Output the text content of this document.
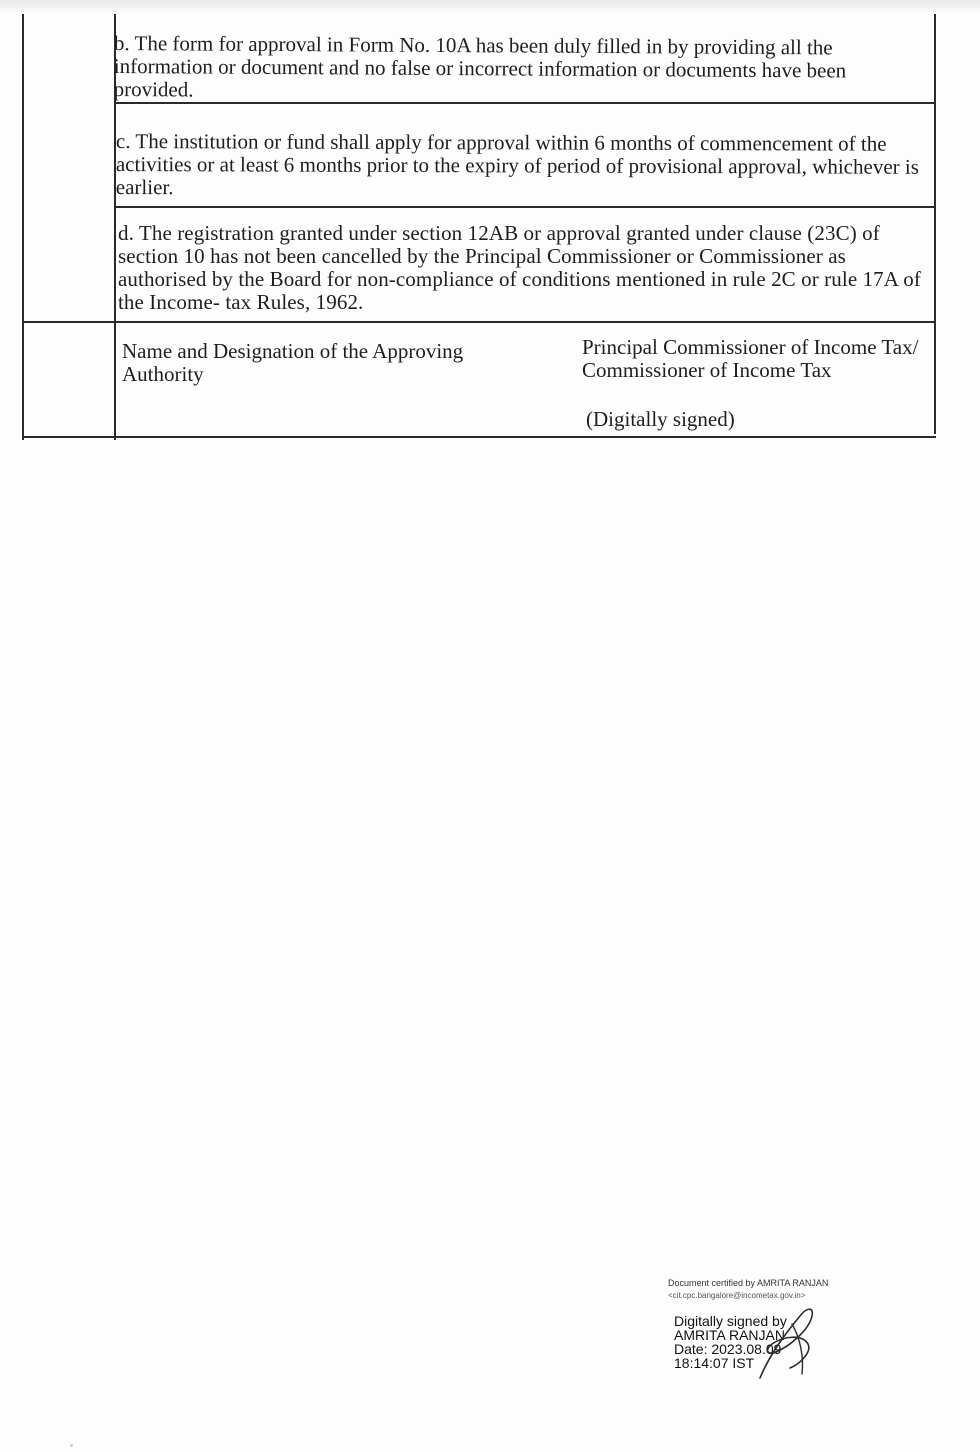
b. The form for approval in Form No. 10A has been duly filled in by providing all the information or document and no false or incorrect information or documents have been provided.
c. The institution or fund shall apply for approval within 6 months of commencement of the activities or at least 6 months prior to the expiry of period of provisional approval, whichever is earlier.
d. The registration granted under section 12AB or approval granted under clause (23C) of section 10 has not been cancelled by the Principal Commissioner or Commissioner as authorised by the Board for non-compliance of conditions mentioned in rule 2C or rule 17A of the Income- tax Rules, 1962.
Name and Designation of the Approving Authority
Principal Commissioner of Income Tax/ Commissioner of Income Tax
(Digitally signed)
Document certified by AMRITA RANJAN
<cit.cpc.bangalore@incometax.gov.in>
Digitally signed by
AMRITA RANJAN
Date: 2023.08.09
18:14:07 IST
